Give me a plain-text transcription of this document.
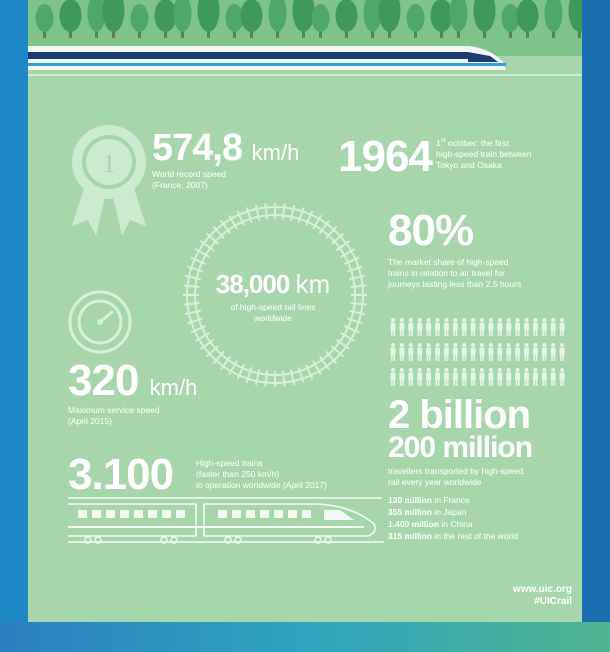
1 574,8 km/h
World record speed
(France, 2007)
1964 1st october: the first
high-speed train between
Tokyo and Osaka
38,000 km
of high-speed rail lines
worldwide
80%
The market share of high-speed
trains in relation to air travel for
journeys lasting less than 2.5 hours
320 km/h
Maximum service speed
(April 2015)	2 billion
200 million
travellers transported by high-speed
rail every year worldwide
130 million in France
355 million in Japan
1.400 million in China
315 million in the rest of the world
3.100	High-speed trains
(faster than 250 km/h)
in operation worldwide (April 2017)
www.uic.org
#UICrail
